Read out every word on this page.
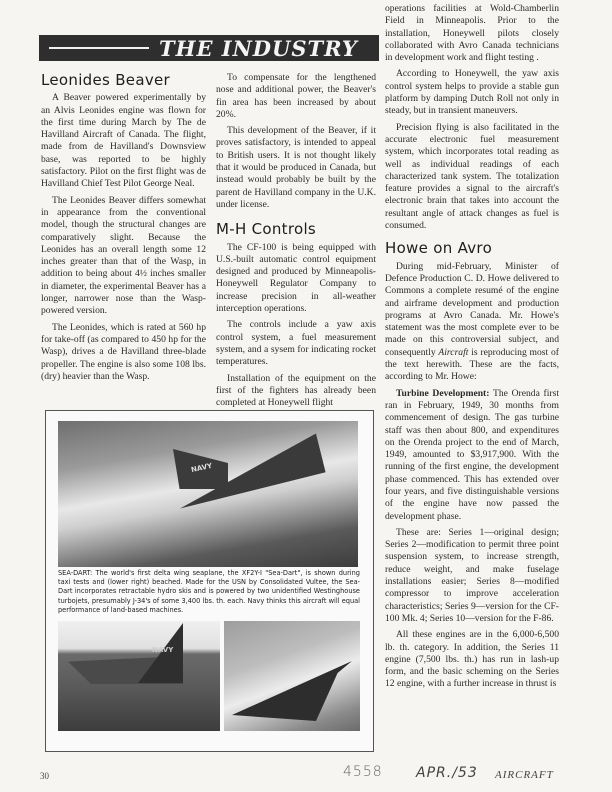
THE INDUSTRY
Leonides Beaver

A Beaver powered experimentally by an Alvis Leonides engine was flown for the first time during March by The de Havilland Aircraft of Canada. The flight, made from de Havilland's Downsview base, was reported to be highly satisfactory. Pilot on the first flight was de Havilland Chief Test Pilot George Neal.

The Leonides Beaver differs somewhat in appearance from the conventional model, though the structural changes are comparatively slight. Because the Leonides has an overall length some 12 inches greater than that of the Wasp, in addition to being about 4½ inches smaller in diameter, the experimental Beaver has a longer, narrower nose than the Wasp-powered version.

The Leonides, which is rated at 560 hp for take-off (as compared to 450 hp for the Wasp), drives a de Havilland three-blade propeller. The engine is also some 108 lbs. (dry) heavier than the Wasp.

To compensate for the lengthened nose and additional power, the Beaver's fin area has been increased by about 20%.

This development of the Beaver, if it proves satisfactory, is intended to appeal to British users. It is not thought likely that it would be produced in Canada, but instead would probably be built by the parent de Havilland company in the U.K. under license.

M-H Controls

The CF-100 is being equipped with U.S.-built automatic control equipment designed and produced by Minneapolis-Honeywell Regulator Company to increase precision in all-weather interception operations.

The controls include a yaw axis control system, a fuel measurement system, and a sysem for indicating rocket temperatures.

Installation of the equipment on the first of the fighters has already been completed at Honeywell flight

operations facilities at Wold-Chamberlin Field in Minneapolis. Prior to the installation, Honeywell pilots closely collaborated with Avro Canada technicians in development work and flight testing .

According to Honeywell, the yaw axis control system helps to provide a stable gun platform by damping Dutch Roll not only in steady, but in transient maneuvers.

Precision flying is also facilitated in the accurate electronic fuel measurement system, which incorporates total reading as well as individual readings of each characterized tank system. The totalization feature provides a signal to the aircraft's electronic brain that takes into account the resultant angle of attack changes as fuel is consumed.

Howe on Avro

During mid-February, Minister of Defence Production C. D. Howe delivered to Commons a complete resumé of the engine and airframe development and production programs at Avro Canada. Mr. Howe's statement was the most complete ever to be made on this controversial subject, and consequently Aircraft is reproducing most of the text herewith. These are the facts, according to Mr. Howe:

Turbine Development: The Orenda first ran in February, 1949, 30 months from commencement of design. The gas turbine staff was then about 800, and expenditures on the Orenda project to the end of March, 1949, amounted to $3,917,900. With the running of the first engine, the development phase commenced. This has extended over four years, and five distinguishable versions of the engine have now passed the development phase.

These are: Series 1—original design; Series 2—modification to permit three point suspension system, to increase strength, reduce weight, and make fuselage installations easier; Series 8—modified compressor to improve acceleration characteristics; Series 9—version for the CF-100 Mk. 4; Series 10—version for the F-86.

All these engines are in the 6,000-6,500 lb. th. category. In addition, the Series 11 engine (7,500 lbs. th.) has run in lash-up form, and the basic scheming on the Series 12 engine, with a further increase in thrust is

NAVY
SEA-DART: The world's first delta wing seaplane, the XF2Y-I "Sea-Dart", is shown during taxi tests and (lower right) beached. Made for the USN by Consolidated Vultee, the Sea-Dart incorporates retractable hydro skis and is powered by two unidentified Westinghouse turbojets, presumably J-34's of some 3,400 lbs. th. each. Navy thinks this aircraft will equal performance of land-based machines.
NAVY
30	4558 APR./53 AIRCRAFT
